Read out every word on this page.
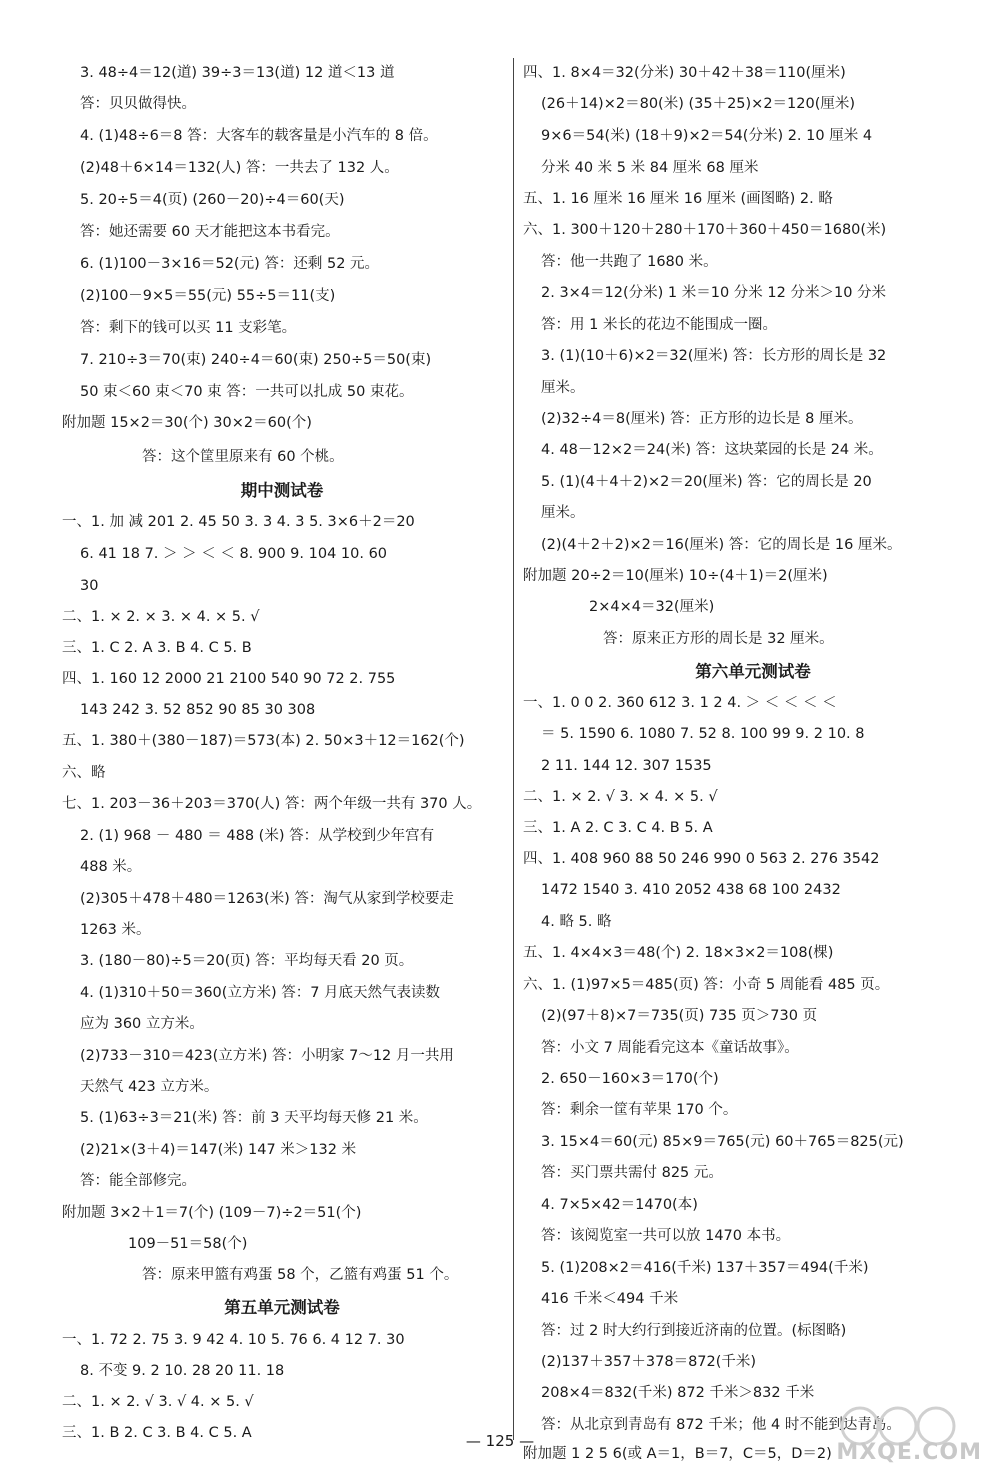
3. 48÷4＝12(道) 39÷3＝13(道) 12 道＜13 道
答：贝贝做得快。
4. (1)48÷6＝8 答：大客车的载客量是小汽车的 8 倍。
(2)48＋6×14＝132(人) 答：一共去了 132 人。
5. 20÷5＝4(页) (260－20)÷4＝60(天)
答：她还需要 60 天才能把这本书看完。
6. (1)100－3×16＝52(元) 答：还剩 52 元。
(2)100－9×5＝55(元) 55÷5＝11(支)
答：剩下的钱可以买 11 支彩笔。
7. 210÷3＝70(束) 240÷4＝60(束) 250÷5＝50(束)
50 束＜60 束＜70 束 答：一共可以扎成 50 束花。
附加题 15×2＝30(个) 30×2＝60(个)
答：这个筐里原来有 60 个桃。
一、1. 加 减 201 2. 45 50 3. 3 4. 3 5. 3×6＋2＝20
6. 41 18 7. ＞ ＞ ＜ ＜ 8. 900 9. 104 10. 60
30
二、1. × 2. × 3. × 4. × 5. √
三、1. C 2. A 3. B 4. C 5. B
四、1. 160 12 2000 21 2100 540 90 72 2. 755
143 242 3. 52 852 90 85 30 308
五、1. 380＋(380－187)＝573(本) 2. 50×3＋12＝162(个)
六、略
七、1. 203－36＋203＝370(人) 答：两个年级一共有 370 人。
2. (1) 968 － 480 ＝ 488 (米) 答：从学校到少年宫有
488 米。
(2)305＋478＋480＝1263(米) 答：淘气从家到学校要走
1263 米。
3. (180－80)÷5＝20(页) 答：平均每天看 20 页。
4. (1)310＋50＝360(立方米) 答：7 月底天然气表读数
应为 360 立方米。
(2)733－310＝423(立方米) 答：小明家 7～12 月一共用
天然气 423 立方米。
5. (1)63÷3＝21(米) 答：前 3 天平均每天修 21 米。
(2)21×(3＋4)＝147(米) 147 米＞132 米
答：能全部修完。
附加题 3×2＋1＝7(个) (109－7)÷2＝51(个)
109－51＝58(个)
答：原来甲篮有鸡蛋 58 个，乙篮有鸡蛋 51 个。
一、1. 72 2. 75 3. 9 42 4. 10 5. 76 6. 4 12 7. 30
8. 不变 9. 2 10. 28 20 11. 18
二、1. × 2. √ 3. √ 4. × 5. √
三、1. B 2. C 3. B 4. C 5. A
期中测试卷
第五单元测试卷
四、1. 8×4＝32(分米) 30＋42＋38＝110(厘米)
(26＋14)×2＝80(米) (35＋25)×2＝120(厘米)
9×6＝54(米) (18＋9)×2＝54(分米) 2. 10 厘米 4
分米 40 米 5 米 84 厘米 68 厘米
五、1. 16 厘米 16 厘米 16 厘米 (画图略) 2. 略
六、1. 300＋120＋280＋170＋360＋450＝1680(米)
答：他一共跑了 1680 米。
2. 3×4＝12(分米) 1 米＝10 分米 12 分米＞10 分米
答：用 1 米长的花边不能围成一圈。
3. (1)(10＋6)×2＝32(厘米) 答：长方形的周长是 32
厘米。
(2)32÷4＝8(厘米) 答：正方形的边长是 8 厘米。
4. 48－12×2＝24(米) 答：这块菜园的长是 24 米。
5. (1)(4＋4＋2)×2＝20(厘米) 答：它的周长是 20
厘米。
(2)(4＋2＋2)×2＝16(厘米) 答：它的周长是 16 厘米。
附加题 20÷2＝10(厘米) 10÷(4＋1)＝2(厘米)
2×4×4＝32(厘米)
答：原来正方形的周长是 32 厘米。
一、1. 0 0 2. 360 612 3. 1 2 4. ＞ ＜ ＜ ＜ ＜
＝ 5. 1590 6. 1080 7. 52 8. 100 99 9. 2 10. 8
2 11. 144 12. 307 1535
二、1. × 2. √ 3. × 4. × 5. √
三、1. A 2. C 3. C 4. B 5. A
四、1. 408 960 88 50 246 990 0 563 2. 276 3542
1472 1540 3. 410 2052 438 68 100 2432
4. 略 5. 略
五、1. 4×4×3＝48(个) 2. 18×3×2＝108(棵)
六、1. (1)97×5＝485(页) 答：小奇 5 周能看 485 页。
(2)(97＋8)×7＝735(页) 735 页＞730 页
答：小文 7 周能看完这本《童话故事》。
2. 650－160×3＝170(个)
答：剩余一筐有苹果 170 个。
3. 15×4＝60(元) 85×9＝765(元) 60＋765＝825(元)
答：买门票共需付 825 元。
4. 7×5×42＝1470(本)
答：该阅览室一共可以放 1470 本书。
5. (1)208×2＝416(千米) 137＋357＝494(千米)
416 千米＜494 千米
答：过 2 时大约行到接近济南的位置。(标图略)
(2)137＋357＋378＝872(千米)
208×4＝832(千米) 872 千米＞832 千米
答：从北京到青岛有 872 千米；他 4 时不能到达青岛。
附加题 1 2 5 6(或 A＝1，B＝7，C＝5，D＝2)
第六单元测试卷
— 125 —	MXQE.COM
